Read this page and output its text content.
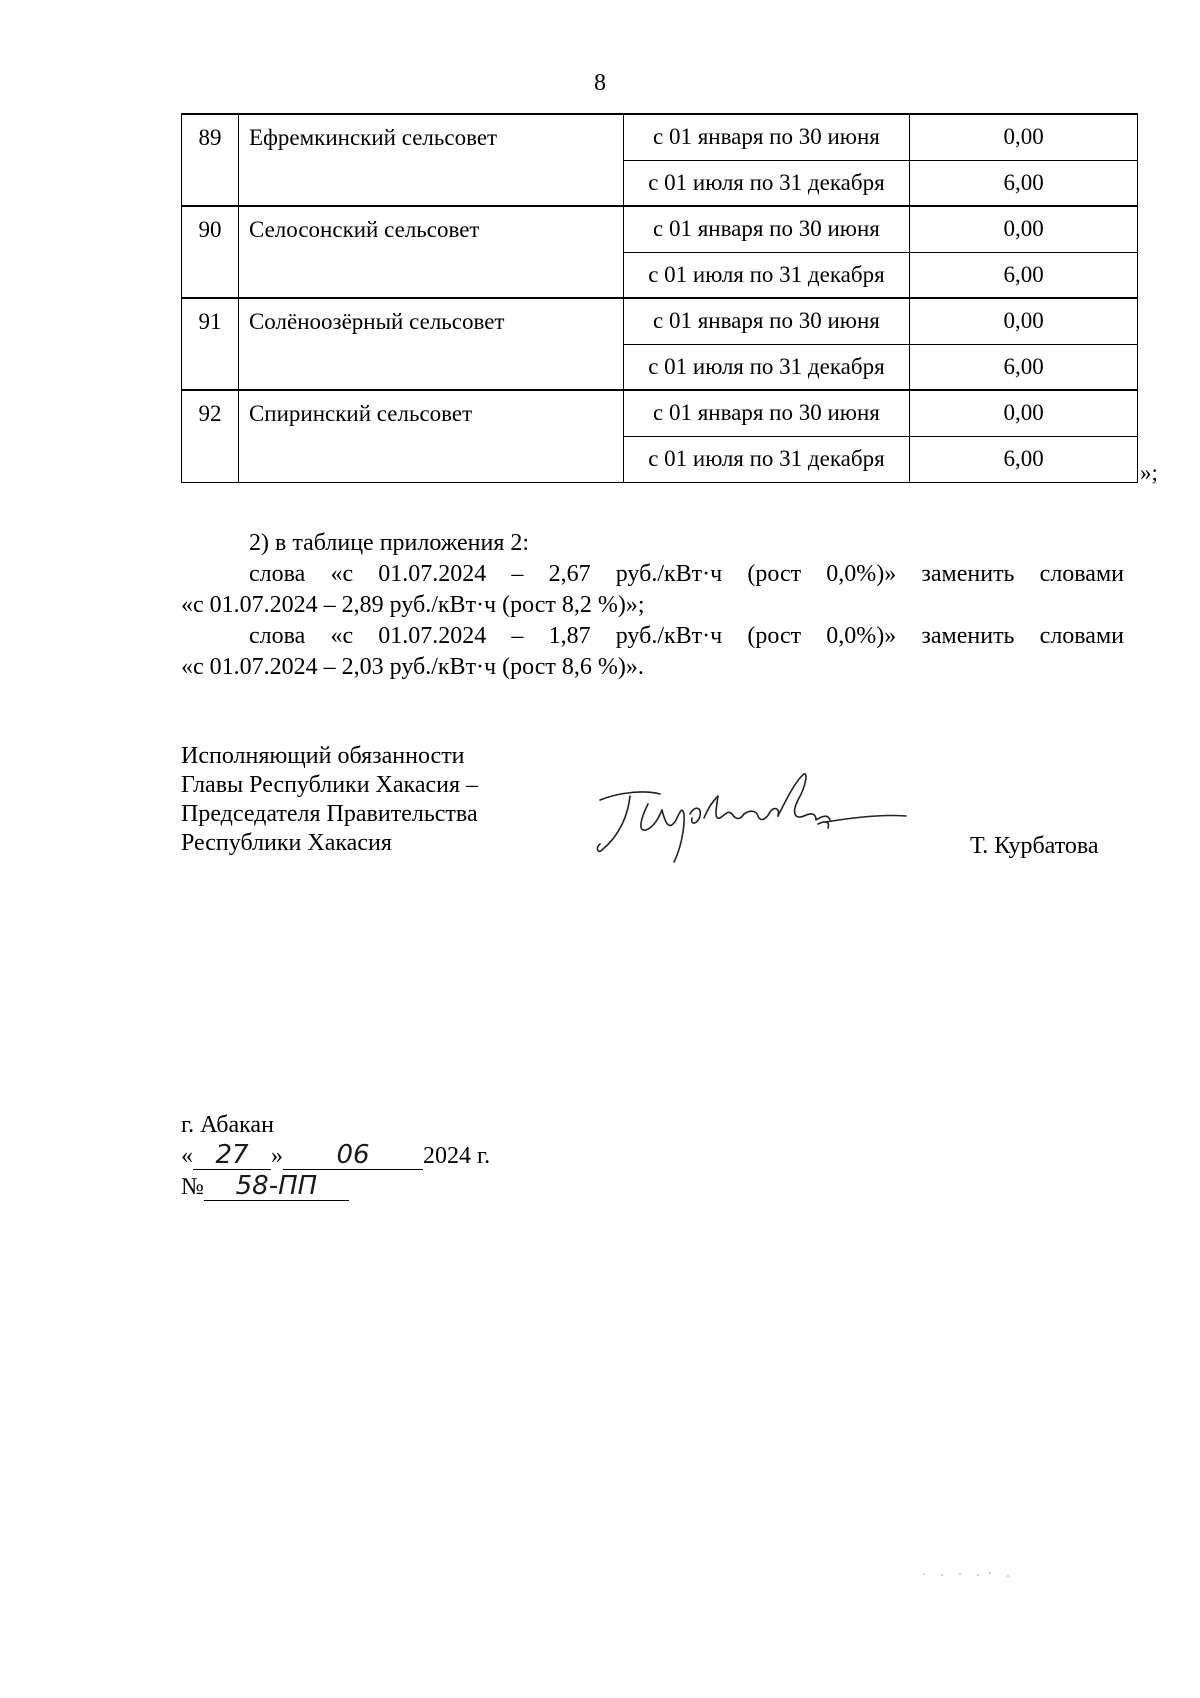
8
89	Ефремкинский сельсовет	с 01 января по 30 июня	0,00
		с 01 июля по 31 декабря	6,00
90	Селосонский сельсовет	с 01 января по 30 июня	0,00
		с 01 июля по 31 декабря	6,00
91	Солёноозёрный сельсовет	с 01 января по 30 июня	0,00
		с 01 июля по 31 декабря	6,00
92	Спиринский сельсовет	с 01 января по 30 июня	0,00
		с 01 июля по 31 декабря	6,00
»;

2) в таблице приложения 2:

слова «с 01.07.2024 – 2,67 руб./кВт·ч (рост 0,0%)» заменить словами

«с 01.07.2024 – 2,89 руб./кВт·ч (рост 8,2 %)»;

слова «с 01.07.2024 – 1,87 руб./кВт·ч (рост 0,0%)» заменить словами

«с 01.07.2024 – 2,03 руб./кВт·ч (рост 8,6 %)».

Исполняющий обязанности
Главы Республики Хакасия –
Председателя Правительства
Республики Хакасия	Т. Курбатова
г. Абакан
« 27 » 06 2024 г.
№ 58-ПП
